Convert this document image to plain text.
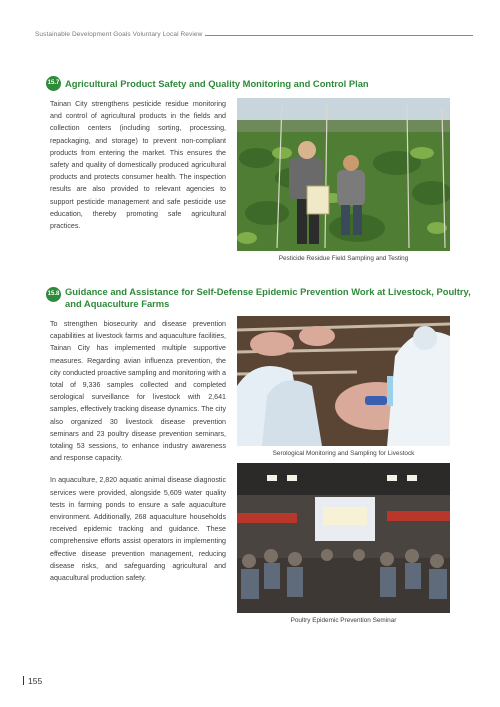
Sustainable Development Goals Voluntary Local Review
15.7 Agricultural Product Safety and Quality Monitoring and Control Plan

Tainan City strengthens pesticide residue monitoring and control of agricultural products in the fields and collection centers (including sorting, processing, repackaging, and storage) to prevent non-compliant products from entering the market. This ensures the safety and quality of domestically produced agricultural products and protects consumer health. The inspection results are also provided to relevant agencies to support pesticide management and safe pesticide use education, thereby promoting safe agricultural practices.

Pesticide Residue Field Sampling and Testing
15.8 Guidance and Assistance for Self-Defense Epidemic Prevention Work at Livestock, Poultry,
and Aquaculture Farms

To strengthen biosecurity and disease prevention capabilities at livestock farms and aquaculture facilities, Tainan City has implemented multiple supportive measures. Regarding avian influenza prevention, the city conducted proactive sampling and monitoring with a total of 9,336 samples collected and completed serological surveillance for livestock with 2,641 samples, effectively tracking disease dynamics. The city also organized 30 livestock disease prevention seminars and 23 poultry disease prevention seminars, totaling 53 sessions, to enhance industry awareness and response capacity.

In aquaculture, 2,820 aquatic animal disease diagnostic services were provided, alongside 5,609 water quality tests in farming ponds to ensure a safe aquaculture environment. Additionally, 268 aquaculture households received epidemic tracking and guidance. These comprehensive efforts assist operators in implementing effective disease prevention management, reducing disease risks, and safeguarding agricultural and aquacultural production safety.

Serological Monitoring and Sampling for Livestock
Poultry Epidemic Prevention Seminar
155
